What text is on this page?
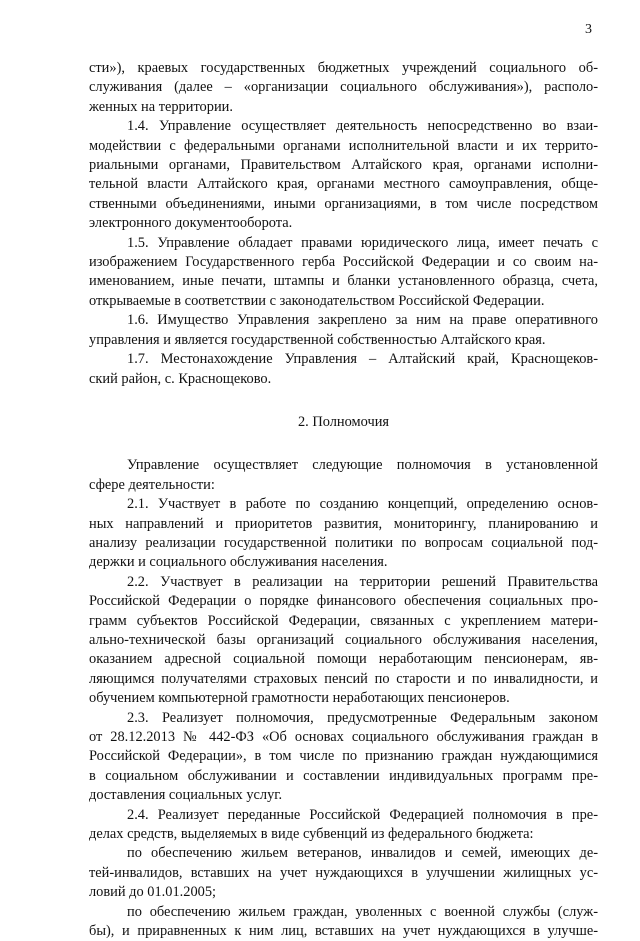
3
сти»), краевых государственных бюджетных учреждений социального об-
служивания (далее – «организации социального обслуживания»), располо-
женных на территории.
1.4. Управление осуществляет деятельность непосредственно во взаи-
модействии с федеральными органами исполнительной власти и их террито-
риальными органами, Правительством Алтайского края, органами исполни-
тельной власти Алтайского края, органами местного самоуправления, обще-
ственными объединениями, иными организациями, в том числе посредством
электронного документооборота.
1.5. Управление обладает правами юридического лица, имеет печать с
изображением Государственного герба Российской Федерации и со своим на-
именованием, иные печати, штампы и бланки установленного образца, счета,
открываемые в соответствии с законодательством Российской Федерации.
1.6. Имущество Управления закреплено за ним на праве оперативного
управления и является государственной собственностью Алтайского края.
1.7. Местонахождение Управления – Алтайский край, Краснощеков-
ский район, с. Краснощеково.
2. Полномочия
Управление осуществляет следующие полномочия в установленной
сфере деятельности:
2.1. Участвует в работе по созданию концепций, определению основ-
ных направлений и приоритетов развития, мониторингу, планированию и
анализу реализации государственной политики по вопросам социальной под-
держки и социального обслуживания населения.
2.2. Участвует в реализации на территории решений Правительства
Российской Федерации о порядке финансового обеспечения социальных про-
грамм субъектов Российской Федерации, связанных с укреплением матери-
ально-технической базы организаций социального обслуживания населения,
оказанием адресной социальной помощи неработающим пенсионерам, яв-
ляющимся получателями страховых пенсий по старости и по инвалидности, и
обучением компьютерной грамотности неработающих пенсионеров.
2.3. Реализует полномочия, предусмотренные Федеральным законом
от 28.12.2013 № 442-ФЗ «Об основах социального обслуживания граждан в
Российской Федерации», в том числе по признанию граждан нуждающимися
в социальном обслуживании и составлении индивидуальных программ пре-
доставления социальных услуг.
2.4. Реализует переданные Российской Федерацией полномочия в пре-
делах средств, выделяемых в виде субвенций из федерального бюджета:
по обеспечению жильем ветеранов, инвалидов и семей, имеющих де-
тей-инвалидов, вставших на учет нуждающихся в улучшении жилищных ус-
ловий до 01.01.2005;
по обеспечению жильем граждан, уволенных с военной службы (служ-
бы), и приравненных к ним лиц, вставших на учет нуждающихся в улучше-
